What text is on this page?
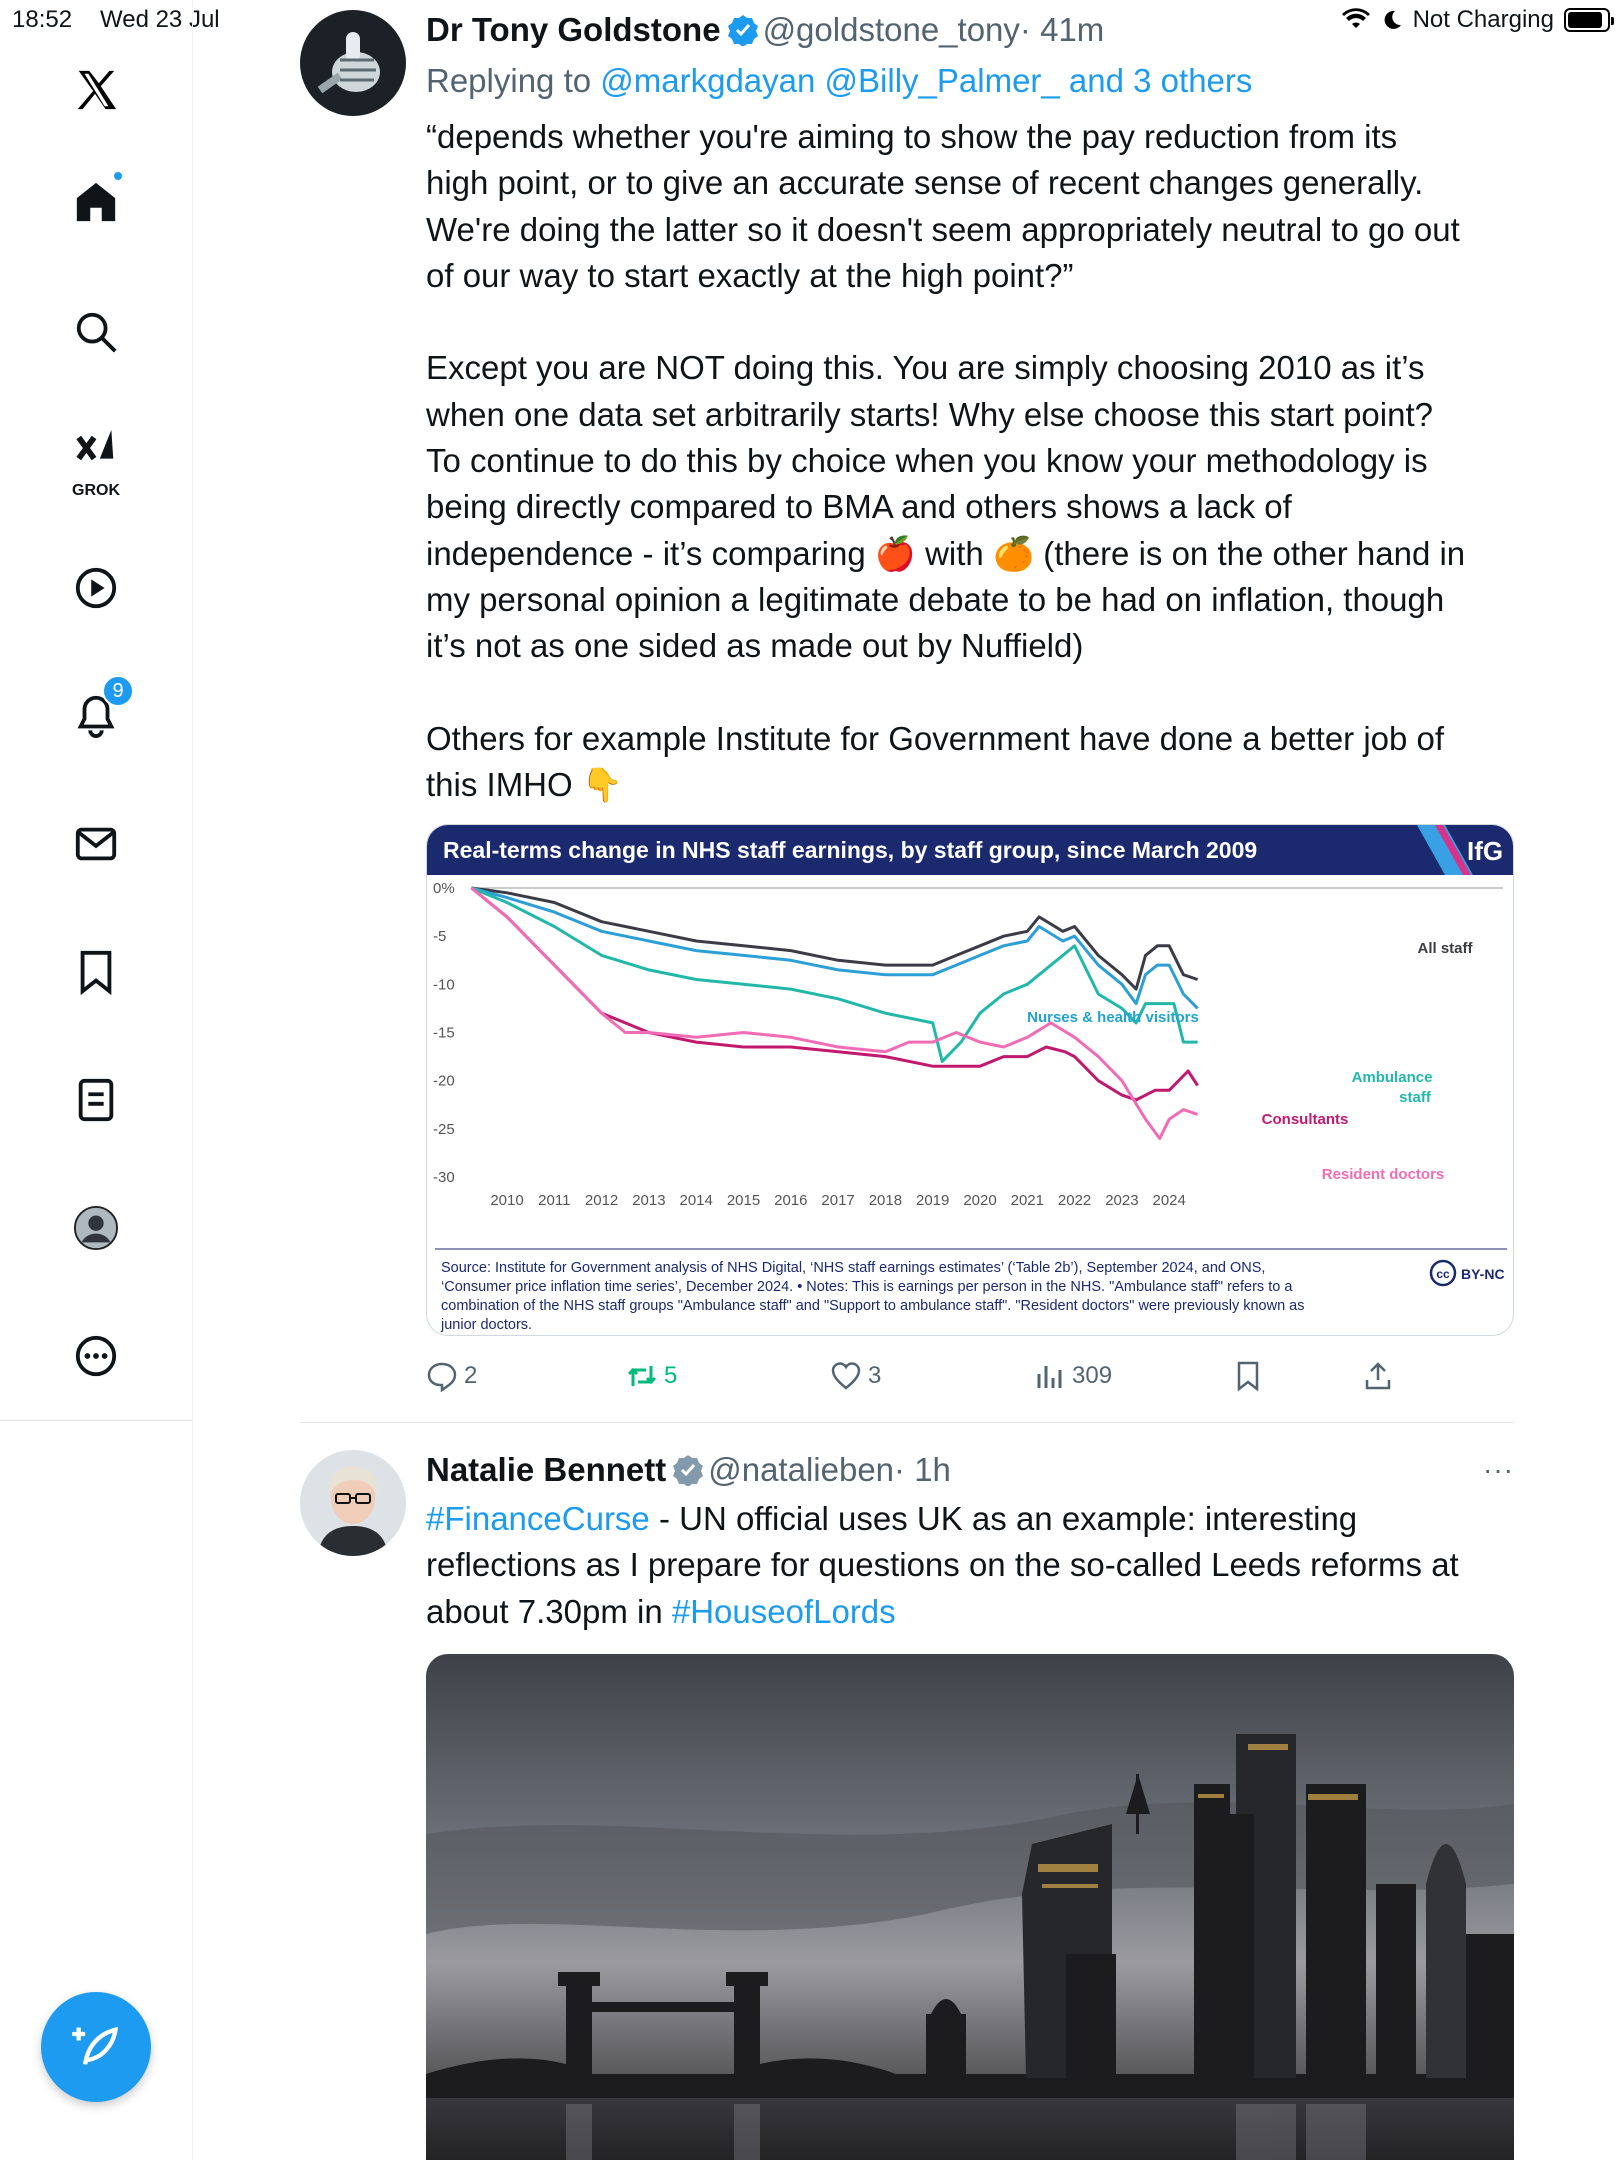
18:52 Wed 23 Jul	Not Charging
GROK
9
Dr Tony Goldstone @goldstone_tony· 41m
Replying to @markgdayan @Billy_Palmer_ and 3 others
“depends whether you're aiming to show the pay reduction from its
high point, or to give an accurate sense of recent changes generally.
We're doing the latter so it doesn't seem appropriately neutral to go out
of our way to start exactly at the high point?”

Except you are NOT doing this. You are simply choosing 2010 as it’s
when one data set arbitrarily starts! Why else choose this start point?
To continue to do this by choice when you know your methodology is
being directly compared to BMA and others shows a lack of
independence - it’s comparing 🍎 with 🍊 (there is on the other hand in
my personal opinion a legitimate debate to be had on inflation, though
it’s not as one sided as made out by Nuffield)

Others for example Institute for Government have done a better job of
this IMHO 👇
Real-terms change in NHS staff earnings, by staff group, since March 2009	IfG
0%
-5
-10
-15
-20
-25
-30
2010 2011 2012 2013 2014 2015 2016 2017 2018 2019 2020 2021 2022 2023 2024
All staff
Nurses & health visitors
Ambulance
staff
Consultants
Resident doctors
Source: Institute for Government analysis of NHS Digital, ‘NHS staff earnings estimates’ (‘Table 2b’), September 2024, and ONS,
‘Consumer price inflation time series’, December 2024. • Notes: This is earnings per person in the NHS. "Ambulance staff" refers to a
combination of the NHS staff groups "Ambulance staff" and "Support to ambulance staff". "Resident doctors" were previously known as
junior doctors.
cc BY-NC
2	5	3	309
Natalie Bennett @natalieben· 1h
#FinanceCurse - UN official uses UK as an example: interesting
reflections as I prepare for questions on the so-called Leeds reforms at
about 7.30pm in #HouseofLords
···
